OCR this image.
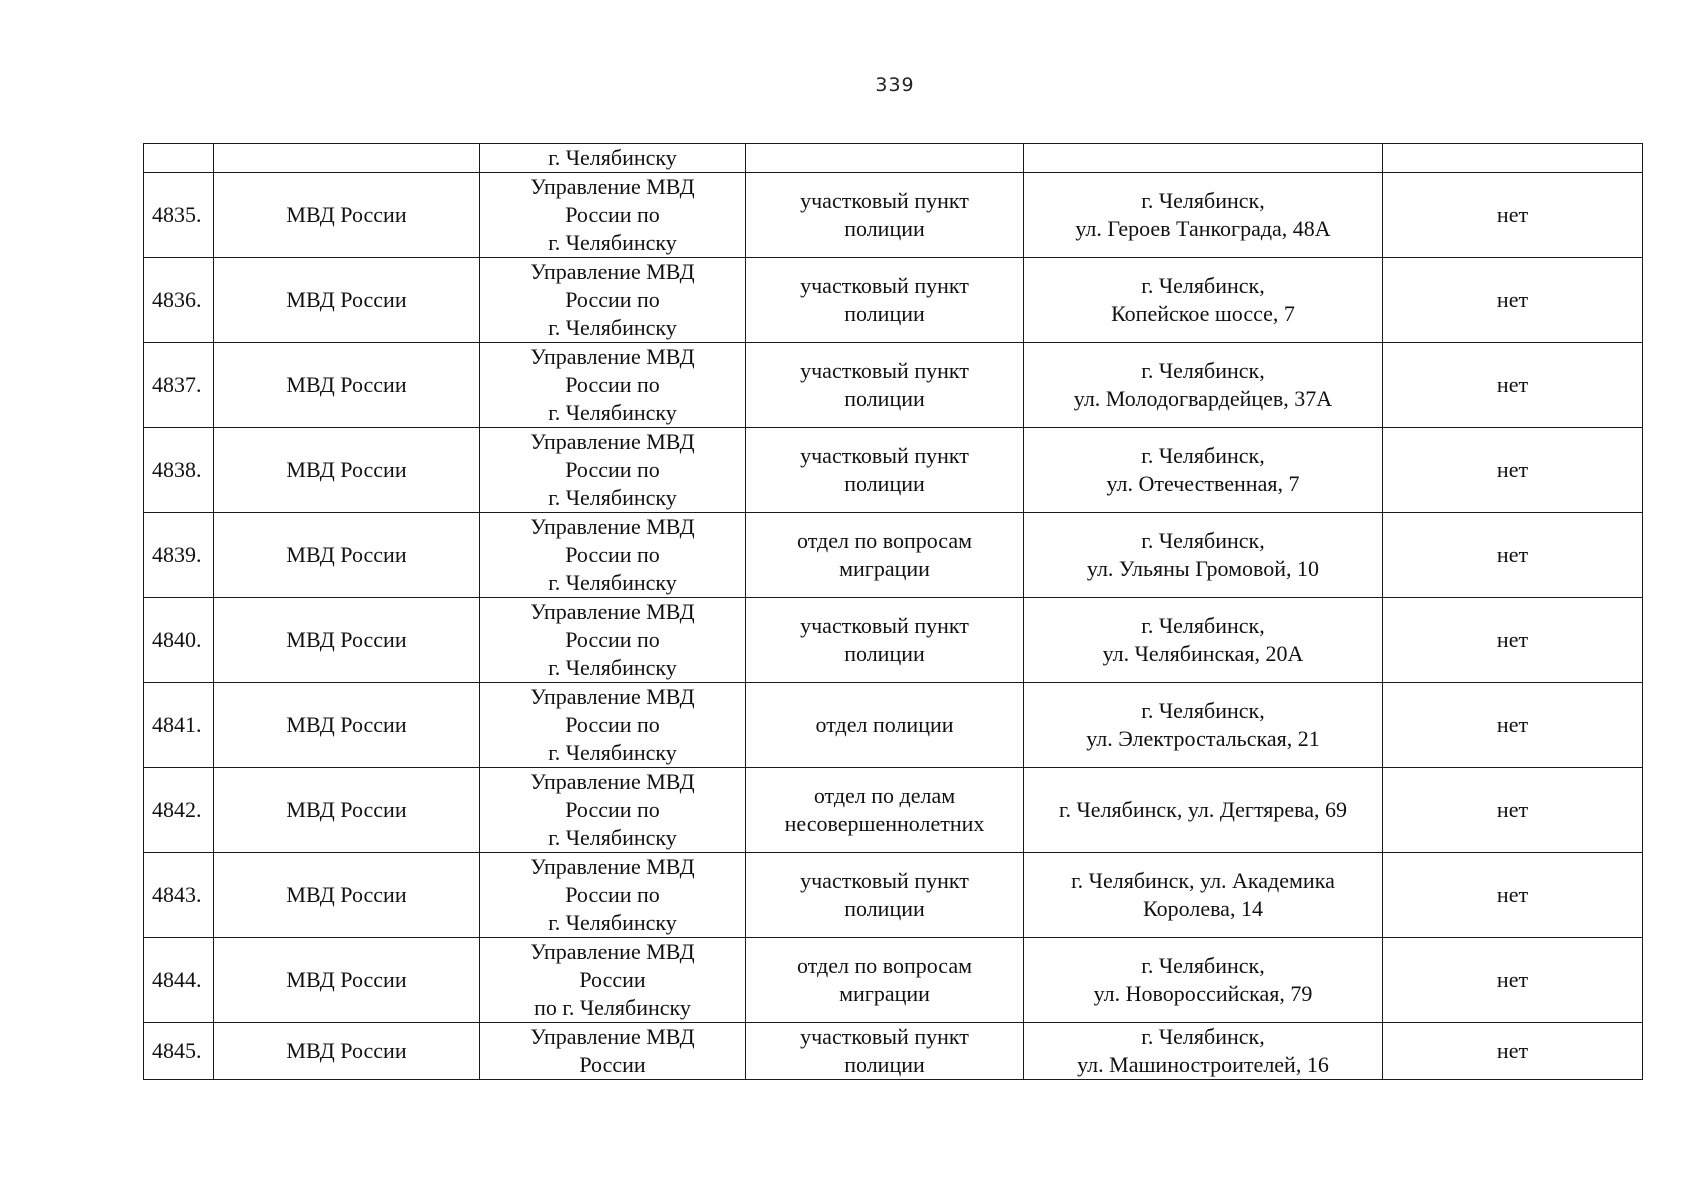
339

		г. Челябинску			

4835.	МВД России	Управление МВД
России по
г. Челябинску	участковый пункт
полиции	г. Челябинск,
ул. Героев Танкограда, 48А	нет
4836.	МВД России	Управление МВД
России по
г. Челябинску	участковый пункт
полиции	г. Челябинск,
Копейское шоссе, 7	нет
4837.	МВД России	Управление МВД
России по
г. Челябинску	участковый пункт
полиции	г. Челябинск,
ул. Молодогвардейцев, 37А	нет
4838.	МВД России	Управление МВД
России по
г. Челябинску	участковый пункт
полиции	г. Челябинск,
ул. Отечественная, 7	нет
4839.	МВД России	Управление МВД
России по
г. Челябинску	отдел по вопросам
миграции	г. Челябинск,
ул. Ульяны Громовой, 10	нет
4840.	МВД России	Управление МВД
России по
г. Челябинску	участковый пункт
полиции	г. Челябинск,
ул. Челябинская, 20А	нет
4841.	МВД России	Управление МВД
России по
г. Челябинску	отдел полиции	г. Челябинск,
ул. Электростальская, 21	нет
4842.	МВД России	Управление МВД
России по
г. Челябинску	отдел по делам
несовершеннолетних	г. Челябинск, ул. Дегтярева, 69	нет
4843.	МВД России	Управление МВД
России по
г. Челябинску	участковый пункт
полиции	г. Челябинск, ул. Академика
Королева, 14	нет
4844.	МВД России	Управление МВД
России
по г. Челябинску	отдел по вопросам
миграции	г. Челябинск,
ул. Новороссийская, 79	нет
4845.	МВД России	Управление МВД
России	участковый пункт
полиции	г. Челябинск,
ул. Машиностроителей, 16	нет
